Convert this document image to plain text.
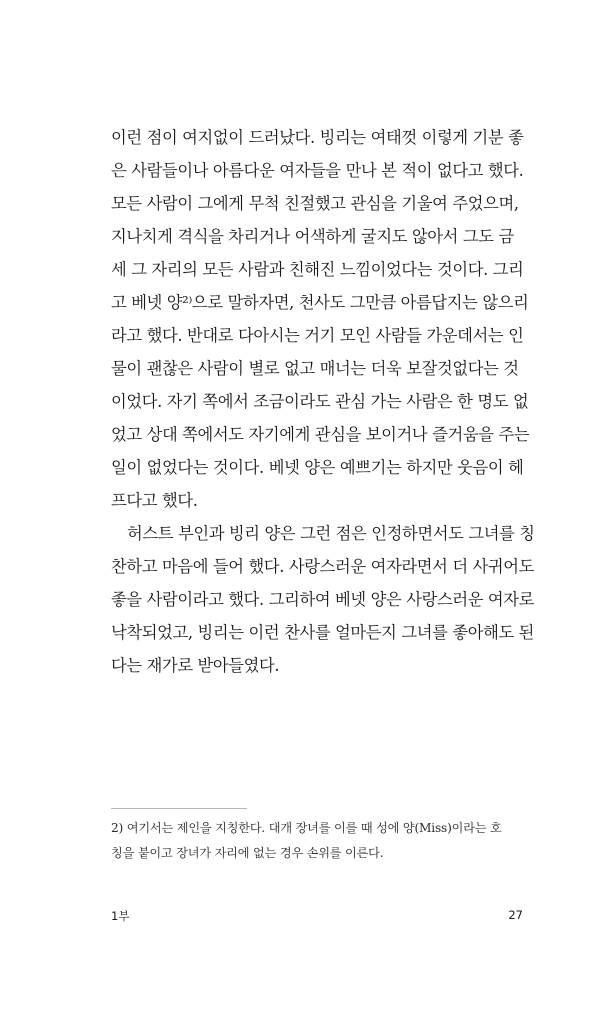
이런 점이 여지없이 드러났다. 빙리는 여태껏 이렇게 기분 좋

은 사람들이나 아름다운 여자들을 만나 본 적이 없다고 했다.

모든 사람이 그에게 무척 친절했고 관심을 기울여 주었으며,

지나치게 격식을 차리거나 어색하게 굴지도 않아서 그도 금

세 그 자리의 모든 사람과 친해진 느낌이었다는 것이다. 그리

고 베넷 양²⁾으로 말하자면, 천사도 그만큼 아름답지는 않으리

라고 했다. 반대로 다아시는 거기 모인 사람들 가운데서는 인

물이 괜찮은 사람이 별로 없고 매너는 더욱 보잘것없다는 것

이었다. 자기 쪽에서 조금이라도 관심 가는 사람은 한 명도 없

었고 상대 쪽에서도 자기에게 관심을 보이거나 즐거움을 주는

일이 없었다는 것이다. 베넷 양은 예쁘기는 하지만 웃음이 헤

프다고 했다.

허스트 부인과 빙리 양은 그런 점은 인정하면서도 그녀를 칭

찬하고 마음에 들어 했다. 사랑스러운 여자라면서 더 사귀어도

좋을 사람이라고 했다. 그리하여 베넷 양은 사랑스러운 여자로

낙착되었고, 빙리는 이런 찬사를 얼마든지 그녀를 좋아해도 된

다는 재가로 받아들였다.

2) 여기서는 제인을 지칭한다. 대개 장녀를 이를 때 성에 양(Miss)이라는 호

칭을 붙이고 장녀가 자리에 없는 경우 손위를 이른다.

1부	27
